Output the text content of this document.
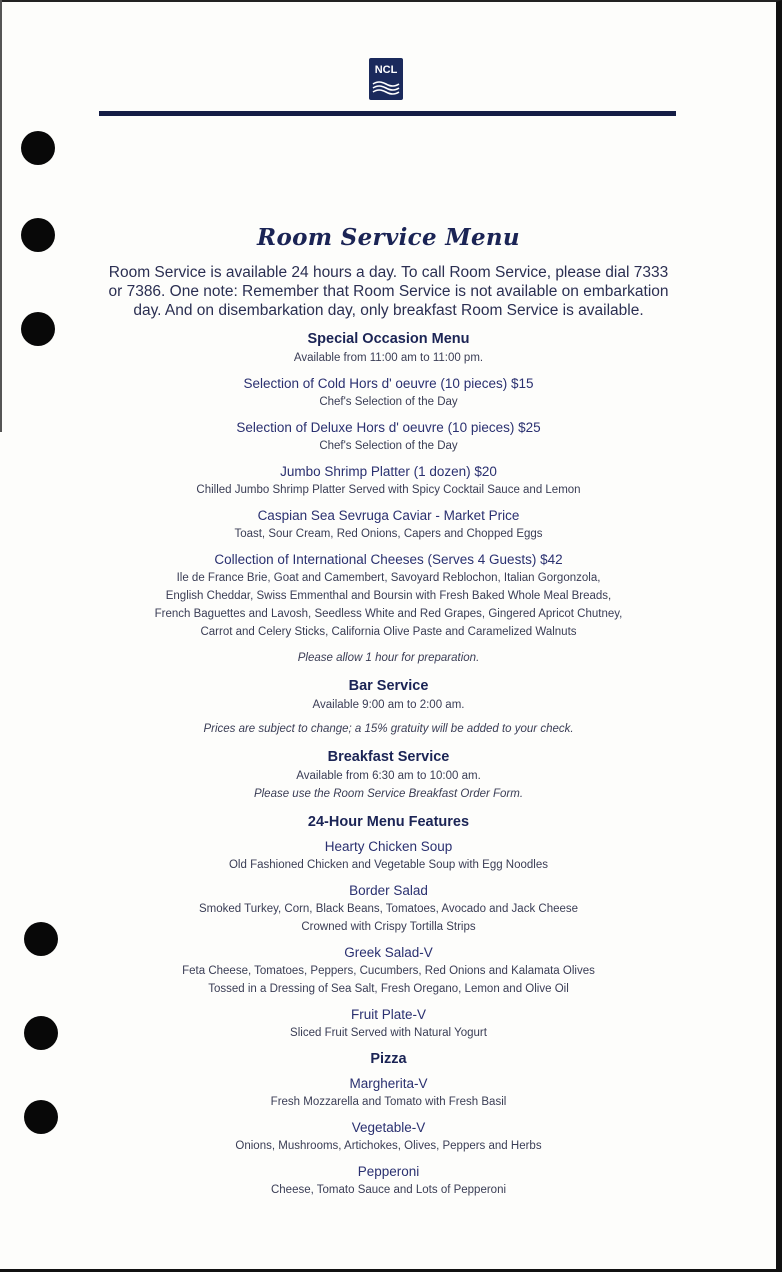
NCL
Room Service Menu

Room Service is available 24 hours a day. To call Room Service, please dial 7333 or 7386. One note: Remember that Room Service is not available on embarkation day. And on disembarkation day, only breakfast Room Service is available.

Special Occasion Menu

Available from 11:00 am to 11:00 pm.

Selection of Cold Hors d' oeuvre (10 pieces) $15

Chef's Selection of the Day

Selection of Deluxe Hors d' oeuvre (10 pieces) $25

Chef's Selection of the Day

Jumbo Shrimp Platter (1 dozen) $20

Chilled Jumbo Shrimp Platter Served with Spicy Cocktail Sauce and Lemon

Caspian Sea Sevruga Caviar - Market Price

Toast, Sour Cream, Red Onions, Capers and Chopped Eggs

Collection of International Cheeses (Serves 4 Guests) $42

Ile de France Brie, Goat and Camembert, Savoyard Reblochon, Italian Gorgonzola,

English Cheddar, Swiss Emmenthal and Boursin with Fresh Baked Whole Meal Breads,

French Baguettes and Lavosh, Seedless White and Red Grapes, Gingered Apricot Chutney,

Carrot and Celery Sticks, California Olive Paste and Caramelized Walnuts

Please allow 1 hour for preparation.

Bar Service

Available 9:00 am to 2:00 am.

Prices are subject to change; a 15% gratuity will be added to your check.

Breakfast Service

Available from 6:30 am to 10:00 am.

Please use the Room Service Breakfast Order Form.

24-Hour Menu Features

Hearty Chicken Soup

Old Fashioned Chicken and Vegetable Soup with Egg Noodles

Border Salad

Smoked Turkey, Corn, Black Beans, Tomatoes, Avocado and Jack Cheese

Crowned with Crispy Tortilla Strips

Greek Salad-V

Feta Cheese, Tomatoes, Peppers, Cucumbers, Red Onions and Kalamata Olives

Tossed in a Dressing of Sea Salt, Fresh Oregano, Lemon and Olive Oil

Fruit Plate-V

Sliced Fruit Served with Natural Yogurt

Pizza

Margherita-V

Fresh Mozzarella and Tomato with Fresh Basil

Vegetable-V

Onions, Mushrooms, Artichokes, Olives, Peppers and Herbs

Pepperoni

Cheese, Tomato Sauce and Lots of Pepperoni
